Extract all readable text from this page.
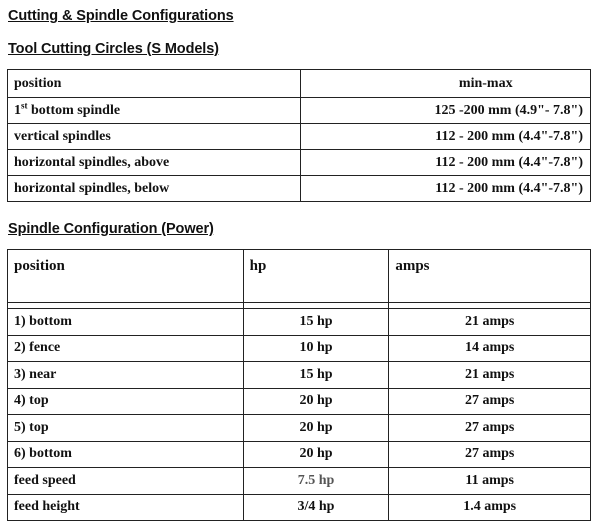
Cutting & Spindle Configurations
Tool Cutting Circles (S Models)
position	min-max
1st bottom spindle	125 -200 mm (4.9"- 7.8")
vertical spindles	112 - 200 mm (4.4"-7.8")
horizontal spindles, above	112 - 200 mm (4.4"-7.8")
horizontal spindles, below	112 - 200 mm (4.4"-7.8")
Spindle Configuration (Power)
position	hp	amps

1) bottom	15 hp	21 amps
2) fence	10 hp	14 amps
3) near	15 hp	21 amps
4) top	20 hp	27 amps
5) top	20 hp	27 amps
6) bottom	20 hp	27 amps
feed speed	7.5 hp	11 amps
feed height	3/4 hp	1.4 amps
